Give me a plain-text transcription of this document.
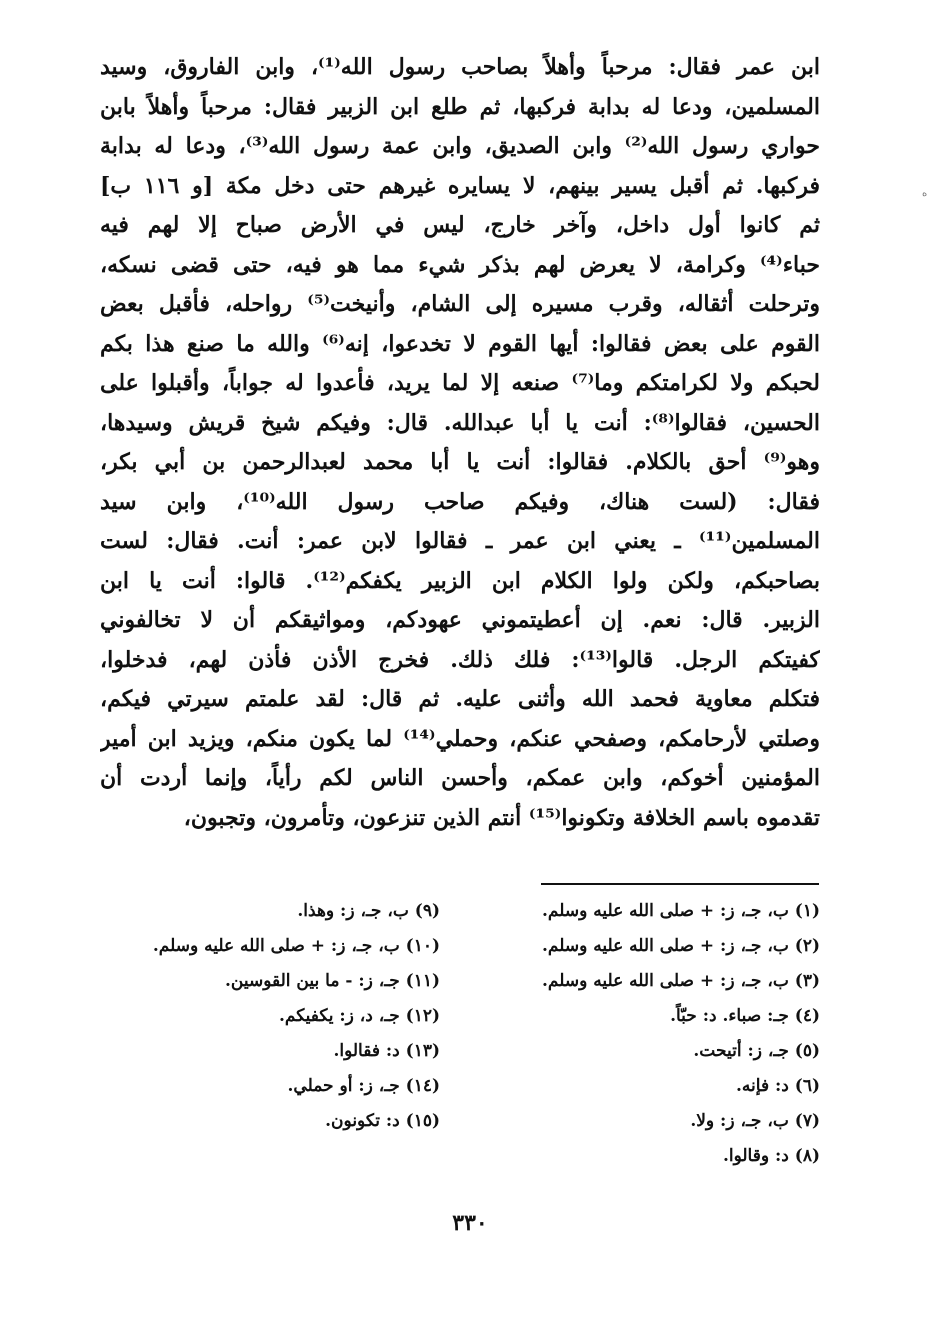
ابن عمر فقال: مرحباً وأهلاً بصاحب رسول الله⁽¹⁾، وابن الفاروق، وسيد
المسلمين، ودعا له بدابة فركبها، ثم طلع ابن الزبير فقال: مرحباً وأهلاً بابن
حواري رسول الله⁽²⁾ وابن الصديق، وابن عمة رسول الله⁽³⁾، ودعا له بدابة
فركبها. ثم أقبل يسير بينهم، لا يسايره غيرهم حتى دخل مكة [و ١١٦ ب]
ثم كانوا أول داخل، وآخر خارج، ليس في الأرض صباح إلا لهم فيه
حباء⁽⁴⁾ وكرامة، لا يعرض لهم بذكر شيء مما هو فيه، حتى قضى نسكه،
وترحلت أثقاله، وقرب مسيره إلى الشام، وأنيخت⁽⁵⁾ رواحله، فأقبل بعض
القوم على بعض فقالوا: أيها القوم لا تخدعوا، إنه⁽⁶⁾ والله ما صنع هذا بكم
لحبكم ولا لكرامتكم وما⁽⁷⁾ صنعه إلا لما يريد، فأعدوا له جواباً، وأقبلوا على
الحسين، فقالوا⁽⁸⁾: أنت يا أبا عبدالله. قال: وفيكم شيخ قريش وسيدها،
وهو⁽⁹⁾ أحق بالكلام. فقالوا: أنت يا أبا محمد لعبدالرحمن بن أبي بكر،
فقال: (لست هناك، وفيكم صاحب رسول الله⁽¹⁰⁾، وابن سيد
المسلمين⁽¹¹⁾ ـ يعني ابن عمر ـ فقالوا لابن عمر: أنت. فقال: لست
بصاحبكم، ولكن ولوا الكلام ابن الزبير يكفكم⁽¹²⁾. قالوا: أنت يا ابن
الزبير. قال: نعم. إن أعطيتموني عهودكم، ومواثيقكم أن لا تخالفوني
كفيتكم الرجل. قالوا⁽¹³⁾: فلك ذلك. فخرج الأذن فأذن لهم، فدخلوا،
فتكلم معاوية فحمد الله وأثنى عليه. ثم قال: لقد علمتم سيرتي فيكم،
وصلتي لأرحامكم، وصفحي عنكم، وحملي⁽¹⁴⁾ لما يكون منكم، ويزيد ابن أمير
المؤمنين أخوكم، وابن عمكم، وأحسن الناس لكم رأياً، وإنما أردت أن
تقدموه باسم الخلافة وتكونوا⁽¹⁵⁾ أنتم الذين تنزعون، وتأمرون، وتجبون،
(١) ب، جـ، ز: + صلى الله عليه وسلم.
(٢) ب، جـ، ز: + صلى الله عليه وسلم.
(٣) ب، جـ، ز: + صلى الله عليه وسلم.
(٤) جـ: صباء. د: حبّاً.
(٥) جـ، ز: أتيحت.
(٦) د: فإنه.
(٧) ب، جـ، ز: ولا.
(٨) د: وقالوا.
(٩) ب، جـ، ز: وهذا.
(١٠) ب، جـ، ز: + صلى الله عليه وسلم.
(١١) جـ، ز: - ما بين القوسين.
(١٢) جـ، د، ز: يكفيكم.
(١٣) د: فقالوا.
(١٤) جـ، ز: أو حملي.
(١٥) د: تكونون.
٣٣٠
ە
